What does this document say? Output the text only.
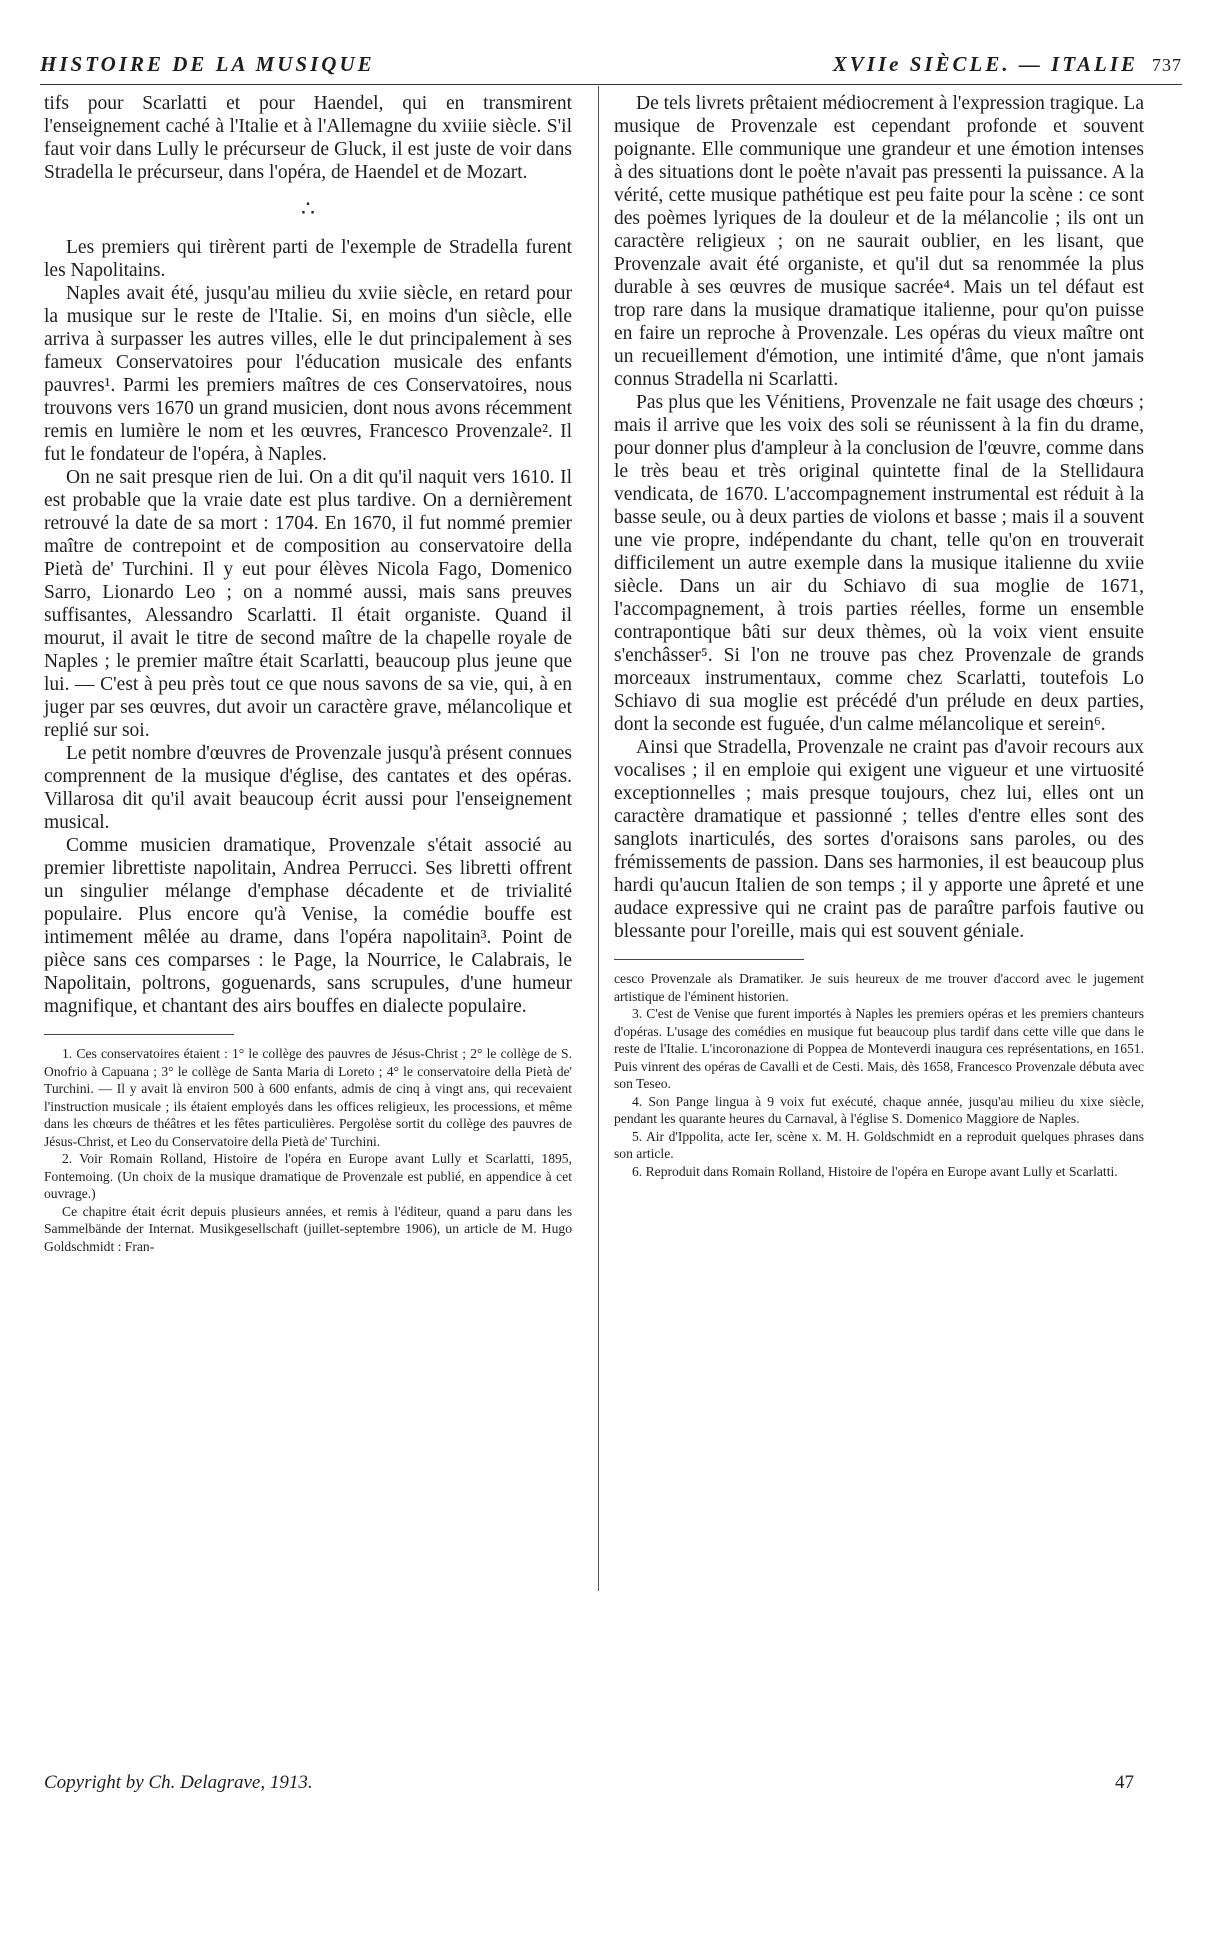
HISTOIRE DE LA MUSIQUE	XVIIe SIÈCLE. — ITALIE 737

tifs pour Scarlatti et pour Haendel, qui en transmirent l'enseignement caché à l'Italie et à l'Allemagne du xviiie siècle. S'il faut voir dans Lully le précurseur de Gluck, il est juste de voir dans Stradella le précurseur, dans l'opéra, de Haendel et de Mozart.

∴

Les premiers qui tirèrent parti de l'exemple de Stradella furent les Napolitains.

Naples avait été, jusqu'au milieu du xviie siècle, en retard pour la musique sur le reste de l'Italie. Si, en moins d'un siècle, elle arriva à surpasser les autres villes, elle le dut principalement à ses fameux Conservatoires pour l'éducation musicale des enfants pauvres¹. Parmi les premiers maîtres de ces Conservatoires, nous trouvons vers 1670 un grand musicien, dont nous avons récemment remis en lumière le nom et les œuvres, Francesco Provenzale². Il fut le fondateur de l'opéra, à Naples.

On ne sait presque rien de lui. On a dit qu'il naquit vers 1610. Il est probable que la vraie date est plus tardive. On a dernièrement retrouvé la date de sa mort : 1704. En 1670, il fut nommé premier maître de contrepoint et de composition au conservatoire della Pietà de' Turchini. Il y eut pour élèves Nicola Fago, Domenico Sarro, Lionardo Leo ; on a nommé aussi, mais sans preuves suffisantes, Alessandro Scarlatti. Il était organiste. Quand il mourut, il avait le titre de second maître de la chapelle royale de Naples ; le premier maître était Scarlatti, beaucoup plus jeune que lui. — C'est à peu près tout ce que nous savons de sa vie, qui, à en juger par ses œuvres, dut avoir un caractère grave, mélancolique et replié sur soi.

Le petit nombre d'œuvres de Provenzale jusqu'à présent connues comprennent de la musique d'église, des cantates et des opéras. Villarosa dit qu'il avait beaucoup écrit aussi pour l'enseignement musical.

Comme musicien dramatique, Provenzale s'était associé au premier librettiste napolitain, Andrea Perrucci. Ses libretti offrent un singulier mélange d'emphase décadente et de trivialité populaire. Plus encore qu'à Venise, la comédie bouffe est intimement mêlée au drame, dans l'opéra napolitain³. Point de pièce sans ces comparses : le Page, la Nourrice, le Calabrais, le Napolitain, poltrons, goguenards, sans scrupules, d'une humeur magnifique, et chantant des airs bouffes en dialecte populaire.

1. Ces conservatoires étaient : 1° le collège des pauvres de Jésus-Christ ; 2° le collège de S. Onofrio à Capuana ; 3° le collège de Santa Maria di Loreto ; 4° le conservatoire della Pietà de' Turchini. — Il y avait là environ 500 à 600 enfants, admis de cinq à vingt ans, qui recevaient l'instruction musicale ; ils étaient employés dans les offices religieux, les processions, et même dans les chœurs de théâtres et les fêtes particulières. Pergolèse sortit du collège des pauvres de Jésus-Christ, et Leo du Conservatoire della Pietà de' Turchini.

2. Voir Romain Rolland, Histoire de l'opéra en Europe avant Lully et Scarlatti, 1895, Fontemoing. (Un choix de la musique dramatique de Provenzale est publié, en appendice à cet ouvrage.)

Ce chapitre était écrit depuis plusieurs années, et remis à l'éditeur, quand a paru dans les Sammelbände der Internat. Musikgesellschaft (juillet-septembre 1906), un article de M. Hugo Goldschmidt : Fran-

De tels livrets prêtaient médiocrement à l'expression tragique. La musique de Provenzale est cependant profonde et souvent poignante. Elle communique une grandeur et une émotion intenses à des situations dont le poète n'avait pas pressenti la puissance. A la vérité, cette musique pathétique est peu faite pour la scène : ce sont des poèmes lyriques de la douleur et de la mélancolie ; ils ont un caractère religieux ; on ne saurait oublier, en les lisant, que Provenzale avait été organiste, et qu'il dut sa renommée la plus durable à ses œuvres de musique sacrée⁴. Mais un tel défaut est trop rare dans la musique dramatique italienne, pour qu'on puisse en faire un reproche à Provenzale. Les opéras du vieux maître ont un recueillement d'émotion, une intimité d'âme, que n'ont jamais connus Stradella ni Scarlatti.

Pas plus que les Vénitiens, Provenzale ne fait usage des chœurs ; mais il arrive que les voix des soli se réunissent à la fin du drame, pour donner plus d'ampleur à la conclusion de l'œuvre, comme dans le très beau et très original quintette final de la Stellidaura vendicata, de 1670. L'accompagnement instrumental est réduit à la basse seule, ou à deux parties de violons et basse ; mais il a souvent une vie propre, indépendante du chant, telle qu'on en trouverait difficilement un autre exemple dans la musique italienne du xviie siècle. Dans un air du Schiavo di sua moglie de 1671, l'accompagnement, à trois parties réelles, forme un ensemble contrapontique bâti sur deux thèmes, où la voix vient ensuite s'enchâsser⁵. Si l'on ne trouve pas chez Provenzale de grands morceaux instrumentaux, comme chez Scarlatti, toutefois Lo Schiavo di sua moglie est précédé d'un prélude en deux parties, dont la seconde est fuguée, d'un calme mélancolique et serein⁶.

Ainsi que Stradella, Provenzale ne craint pas d'avoir recours aux vocalises ; il en emploie qui exigent une vigueur et une virtuosité exceptionnelles ; mais presque toujours, chez lui, elles ont un caractère dramatique et passionné ; telles d'entre elles sont des sanglots inarticulés, des sortes d'oraisons sans paroles, ou des frémissements de passion. Dans ses harmonies, il est beaucoup plus hardi qu'aucun Italien de son temps ; il y apporte une âpreté et une audace expressive qui ne craint pas de paraître parfois fautive ou blessante pour l'oreille, mais qui est souvent géniale.

cesco Provenzale als Dramatiker. Je suis heureux de me trouver d'accord avec le jugement artistique de l'éminent historien.

3. C'est de Venise que furent importés à Naples les premiers opéras et les premiers chanteurs d'opéras. L'usage des comédies en musique fut beaucoup plus tardif dans cette ville que dans le reste de l'Italie. L'incoronazione di Poppea de Monteverdi inaugura ces représentations, en 1651. Puis vinrent des opéras de Cavalli et de Cesti. Mais, dès 1658, Francesco Provenzale débuta avec son Teseo.

4. Son Pange lingua à 9 voix fut exécuté, chaque année, jusqu'au milieu du xixe siècle, pendant les quarante heures du Carnaval, à l'église S. Domenico Maggiore de Naples.

5. Air d'Ippolita, acte Ier, scène x. M. H. Goldschmidt en a reproduit quelques phrases dans son article.

6. Reproduit dans Romain Rolland, Histoire de l'opéra en Europe avant Lully et Scarlatti.

Copyright by Ch. Delagrave, 1913.	47
